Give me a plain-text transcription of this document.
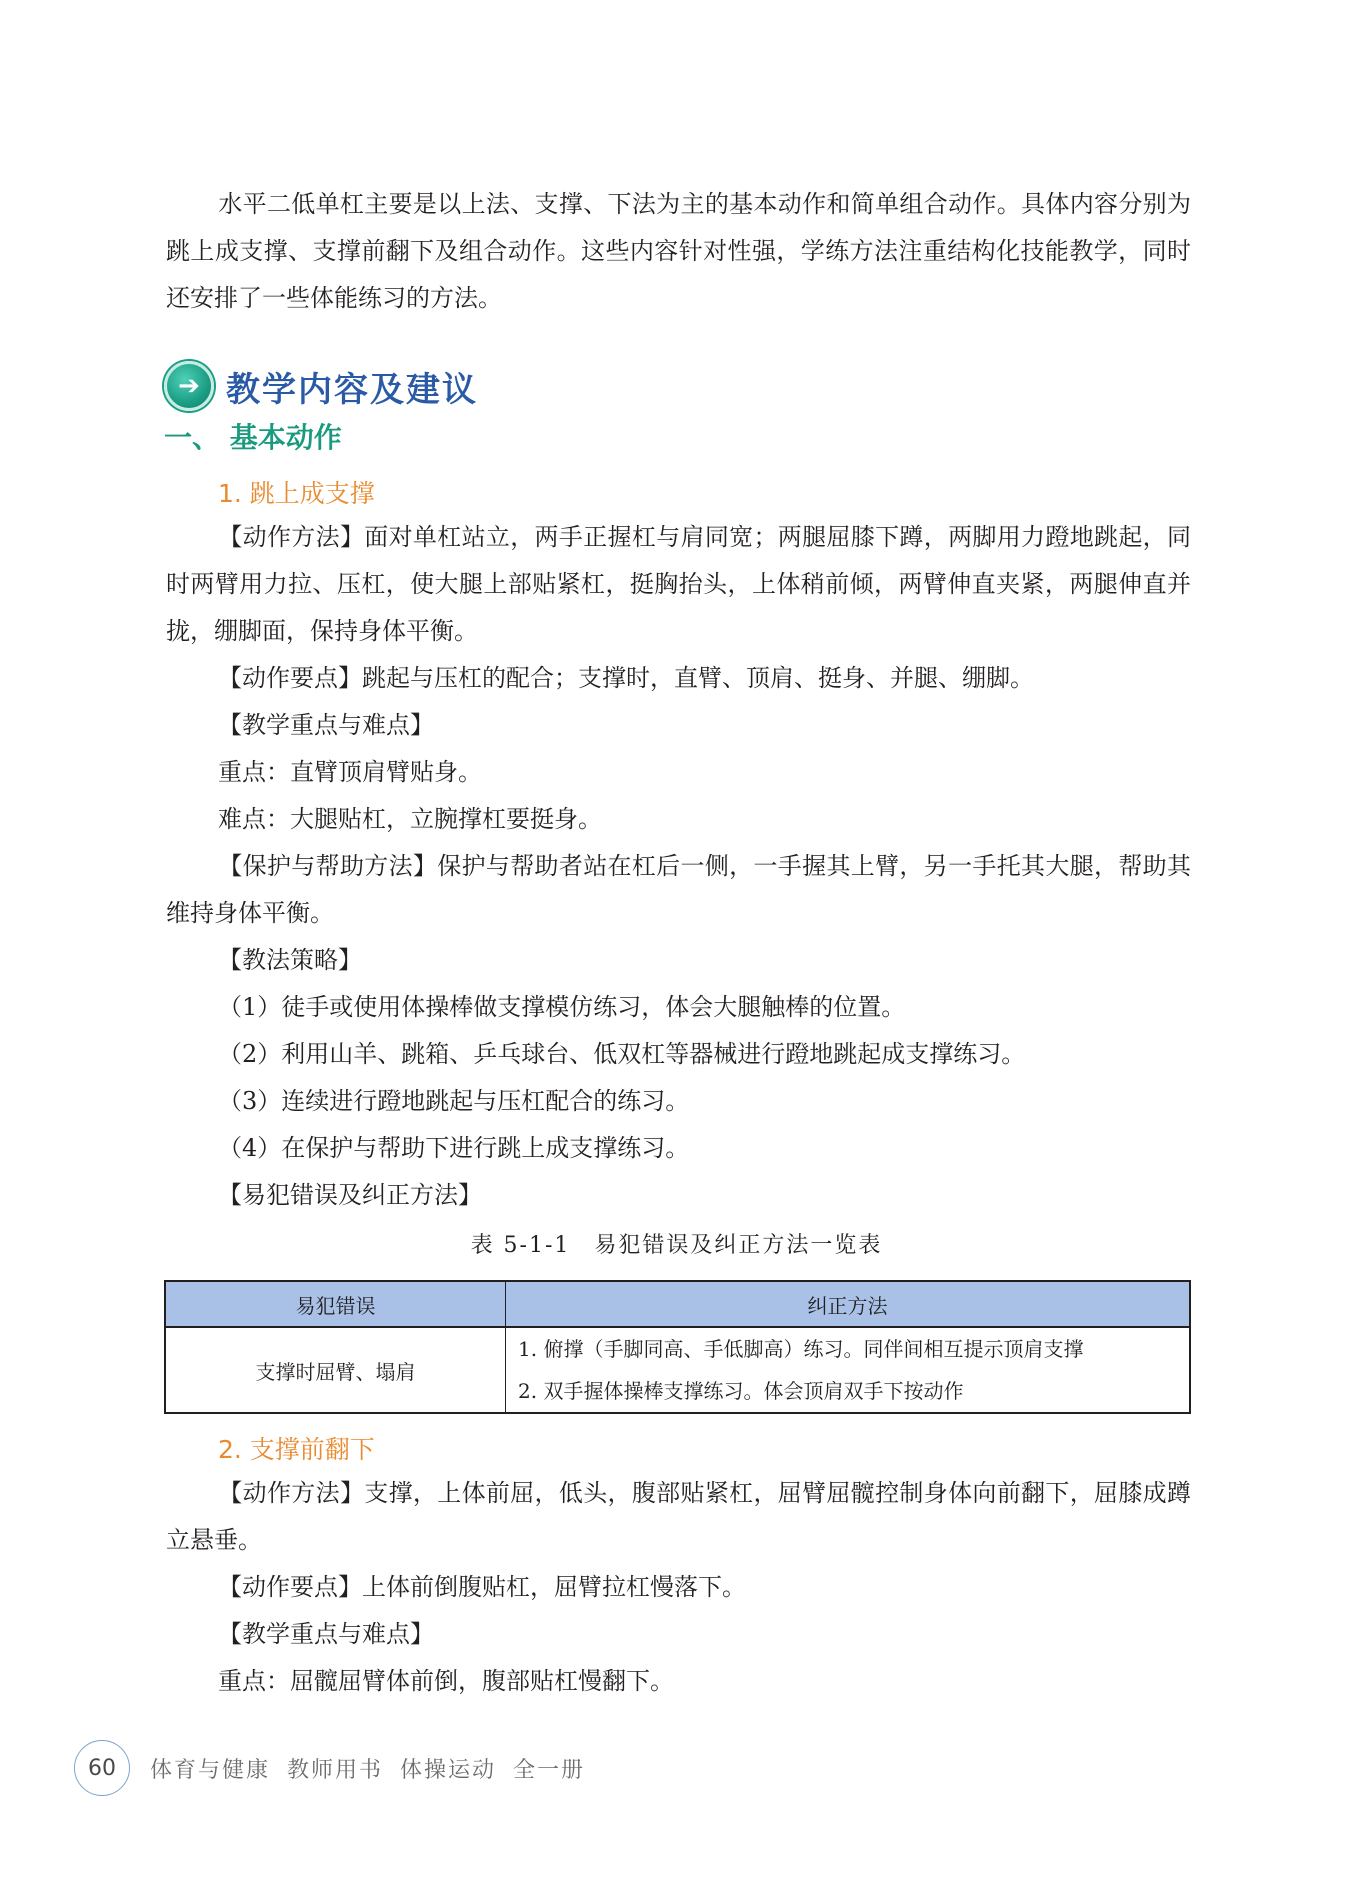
水平二低单杠主要是以上法、支撑、下法为主的基本动作和简单组合动作。具体内容分别为跳上成支撑、支撑前翻下及组合动作。这些内容针对性强，学练方法注重结构化技能教学，同时还安排了一些体能练习的方法。

➔ 教学内容及建议
一、 基本动作
1. 跳上成支撑

【动作方法】面对单杠站立，两手正握杠与肩同宽；两腿屈膝下蹲，两脚用力蹬地跳起，同时两臂用力拉、压杠，使大腿上部贴紧杠，挺胸抬头，上体稍前倾，两臂伸直夹紧，两腿伸直并拢，绷脚面，保持身体平衡。

【动作要点】跳起与压杠的配合；支撑时，直臂、顶肩、挺身、并腿、绷脚。

【教学重点与难点】

重点：直臂顶肩臂贴身。

难点：大腿贴杠，立腕撑杠要挺身。

【保护与帮助方法】保护与帮助者站在杠后一侧，一手握其上臂，另一手托其大腿，帮助其维持身体平衡。

【教法策略】

（1）徒手或使用体操棒做支撑模仿练习，体会大腿触棒的位置。

（2）利用山羊、跳箱、乒乓球台、低双杠等器械进行蹬地跳起成支撑练习。

（3）连续进行蹬地跳起与压杠配合的练习。

（4）在保护与帮助下进行跳上成支撑练习。

【易犯错误及纠正方法】

表 5-1-1　易犯错误及纠正方法一览表
易犯错误	纠正方法
支撑时屈臂、塌肩	1. 俯撑（手脚同高、手低脚高）练习。同伴间相互提示顶肩支撑
2. 双手握体操棒支撑练习。体会顶肩双手下按动作
2. 支撑前翻下

【动作方法】支撑，上体前屈，低头，腹部贴紧杠，屈臂屈髋控制身体向前翻下，屈膝成蹲立悬垂。

【动作要点】上体前倒腹贴杠，屈臂拉杠慢落下。

【教学重点与难点】

重点：屈髋屈臂体前倒，腹部贴杠慢翻下。

60	体育与健康 教师用书 体操运动 全一册
